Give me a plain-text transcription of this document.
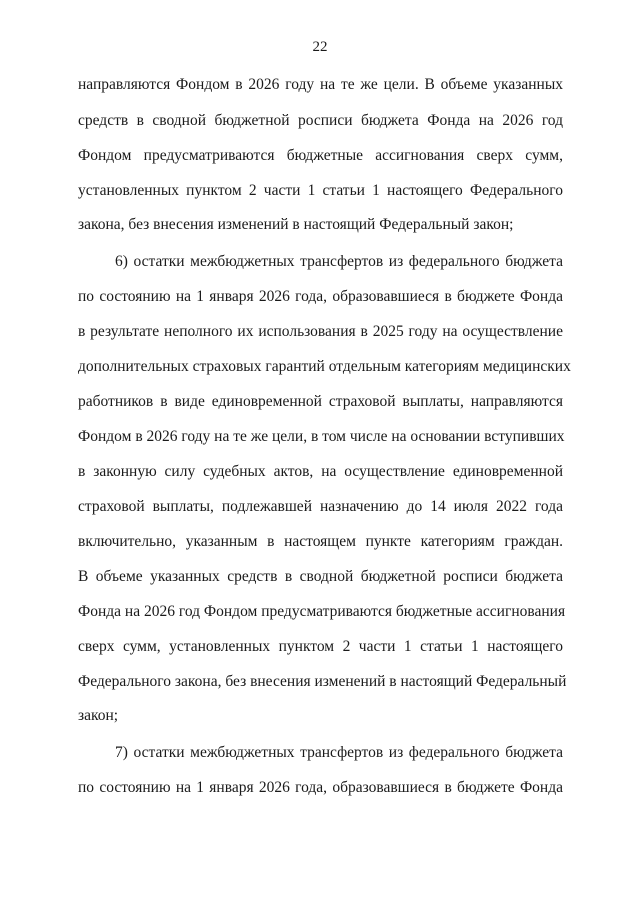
22
направляются Фондом в 2026 году на те же цели. В объеме указанных
средств в сводной бюджетной росписи бюджета Фонда на 2026 год
Фондом предусматриваются бюджетные ассигнования сверх сумм,
установленных пунктом 2 части 1 статьи 1 настоящего Федерального
закона, без внесения изменений в настоящий Федеральный закон;
6) остатки межбюджетных трансфертов из федерального бюджета
по состоянию на 1 января 2026 года, образовавшиеся в бюджете Фонда
в результате неполного их использования в 2025 году на осуществление
дополнительных страховых гарантий отдельным категориям медицинских
работников в виде единовременной страховой выплаты, направляются
Фондом в 2026 году на те же цели, в том числе на основании вступивших
в законную силу судебных актов, на осуществление единовременной
страховой выплаты, подлежавшей назначению до 14 июля 2022 года
включительно, указанным в настоящем пункте категориям граждан.
В объеме указанных средств в сводной бюджетной росписи бюджета
Фонда на 2026 год Фондом предусматриваются бюджетные ассигнования
сверх сумм, установленных пунктом 2 части 1 статьи 1 настоящего
Федерального закона, без внесения изменений в настоящий Федеральный
закон;
7) остатки межбюджетных трансфертов из федерального бюджета
по состоянию на 1 января 2026 года, образовавшиеся в бюджете Фонда
